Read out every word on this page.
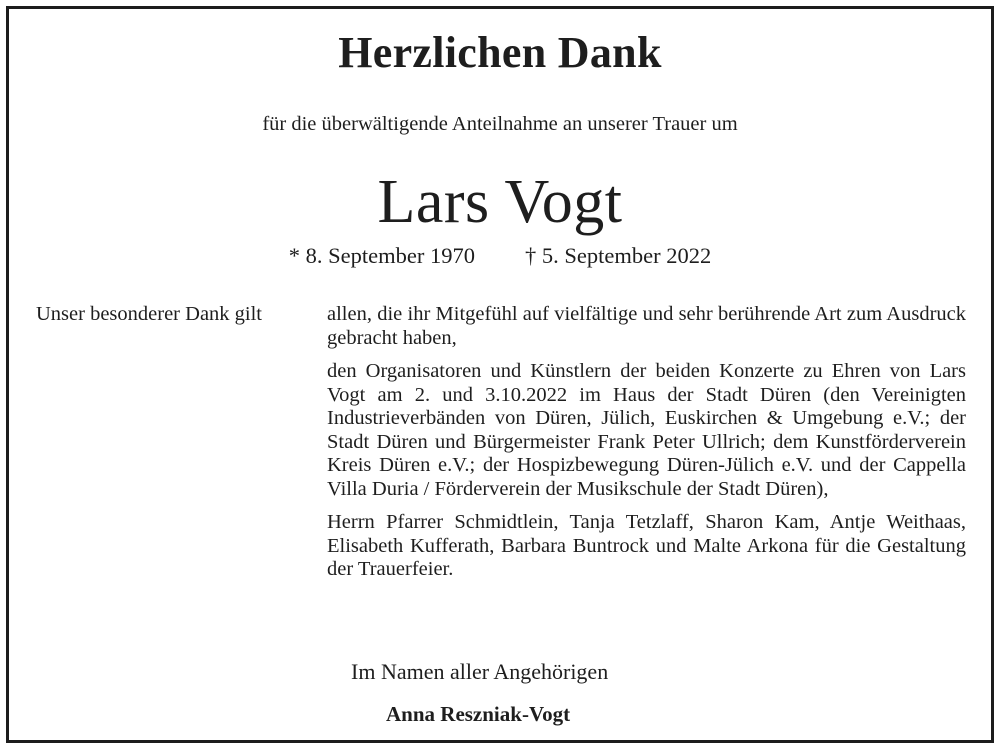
Herzlichen Dank
für die überwältigende Anteilnahme an unserer Trauer um
Lars Vogt
* 8. September 1970 † 5. September 2022
Unser besonderer Dank gilt	allen, die ihr Mitgefühl auf vielfältige und sehr berührende Art zum Ausdruck gebracht haben,

den Organisatoren und Künstlern der beiden Konzerte zu Ehren von Lars Vogt am 2. und 3.10.2022 im Haus der Stadt Düren (den Vereinigten Industrieverbänden von Düren, Jülich, Euskirchen & Umgebung e.V.; der Stadt Düren und Bürgermeister Frank Peter Ullrich; dem Kunstförderverein Kreis Düren e.V.; der Hospizbewegung Düren-Jülich e.V. und der Cappella Villa Duria / Förderverein der Musikschule der Stadt Düren),

Herrn Pfarrer Schmidtlein, Tanja Tetzlaff, Sharon Kam, Antje Weithaas, Elisabeth Kufferath, Barbara Buntrock und Malte Arkona für die Gestaltung der Trauerfeier.

Im Namen aller Angehörigen
Anna Reszniak-Vogt
